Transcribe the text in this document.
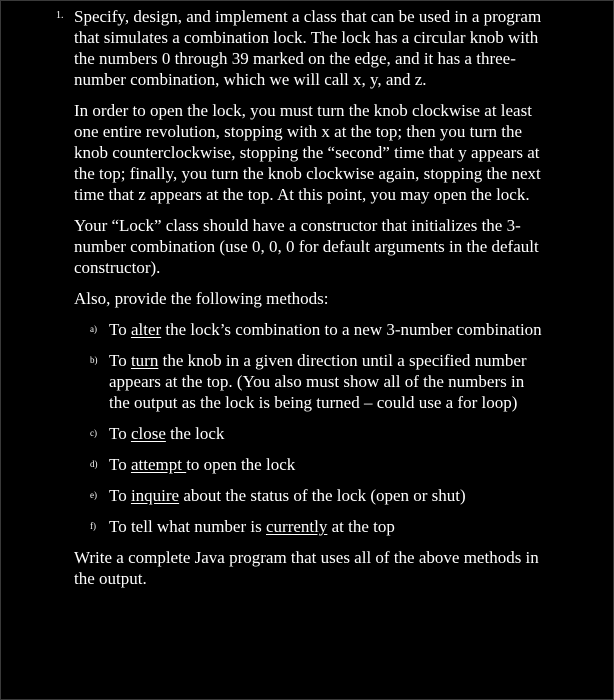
1. Specify, design, and implement a class that can be used in a program that simulates a combination lock. The lock has a circular knob with the numbers 0 through 39 marked on the edge, and it has a three-number combination, which we will call x, y, and z.

In order to open the lock, you must turn the knob clockwise at least one entire revolution, stopping with x at the top; then you turn the knob counterclockwise, stopping the “second” time that y appears at the top; finally, you turn the knob clockwise again, stopping the next time that z appears at the top. At this point, you may open the lock.

Your “Lock” class should have a constructor that initializes the 3-number combination (use 0, 0, 0 for default arguments in the default constructor).

Also, provide the following methods:

a) To alter the lock’s combination to a new 3-number combination
b) To turn the knob in a given direction until a specified number appears at the top. (You also must show all of the numbers in the output as the lock is being turned – could use a for loop)
c) To close the lock
d) To attempt to open the lock
e) To inquire about the status of the lock (open or shut)
f) To tell what number is currently at the top

Write a complete Java program that uses all of the above methods in the output.
